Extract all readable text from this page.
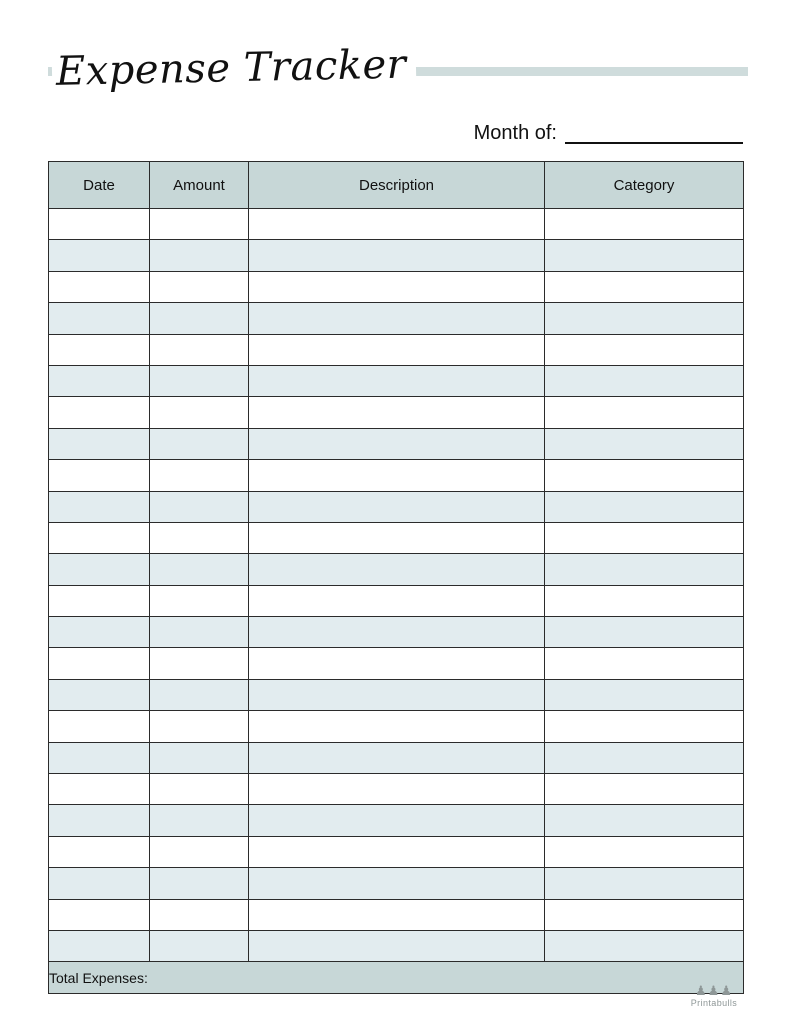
Expense Tracker
Month of:
Date	Amount	Description	Category

Total Expenses:			
♟♟♟
Printabulls
